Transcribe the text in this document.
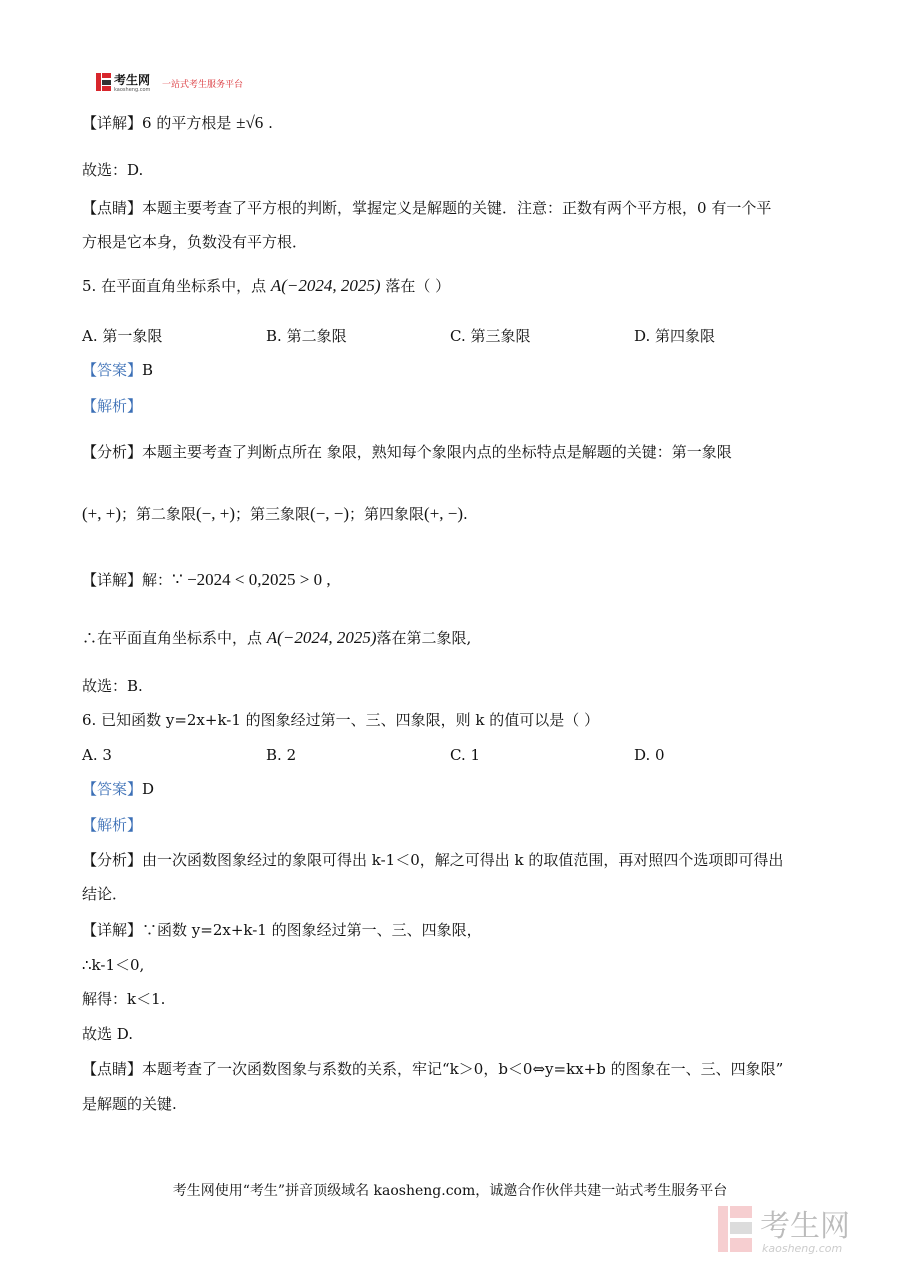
考生网
kaosheng.com 一站式考生服务平台
【详解】6 的平方根是 ±√6 .
故选：D.
【点睛】本题主要考查了平方根的判断，掌握定义是解题的关键．注意：正数有两个平方根，0 有一个平
方根是它本身，负数没有平方根．
5. 在平面直角坐标系中，点 A(−2024, 2025) 落在（ ）
A. 第一象限	B. 第二象限	C. 第三象限	D. 第四象限
【答案】B
【解析】
【分析】本题主要考查了判断点所在 象限，熟知每个象限内点的坐标特点是解题的关键：第一象限
(+, +)；第二象限(−, +)；第三象限(−, −)；第四象限(+, −).
【详解】解：∵ −2024 < 0,2025 > 0 ,
∴在平面直角坐标系中，点 A(−2024, 2025)落在第二象限,
故选：B.
6. 已知函数 y=2x+k-1 的图象经过第一、三、四象限，则 k 的值可以是（ ）
A. 3	B. 2	C. 1	D. 0
【答案】D
【解析】
【分析】由一次函数图象经过的象限可得出 k-1＜0，解之可得出 k 的取值范围，再对照四个选项即可得出
结论．
【详解】∵函数 y=2x+k-1 的图象经过第一、三、四象限，
∴k-1＜0,
解得：k＜1.
故选 D.
【点睛】本题考查了一次函数图象与系数的关系，牢记“k＞0，b＜0⇔y=kx+b 的图象在一、三、四象限”
是解题的关键.
考生网使用“考生”拼音顶级域名 kaosheng.com，诚邀合作伙伴共建一站式考生服务平台
考生网
kaosheng.com
